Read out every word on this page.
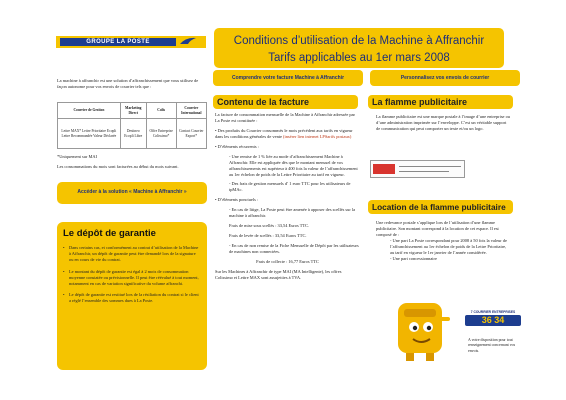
GROUPE LA POSTE	Conditions d’utilisation de la Machine à Affranchir
Tarifs applicables au 1er mars 2008
La machine à affranchir est une solution d’affranchissement que vous utilisez de façon autonome pour vos envois de courrier tels que :
Courrier de Gestion	Marketing Direct	Colis	Courrier International
Lettre MAX* Lettre Prioritaire Ecopli Lettre Recommandée Valeur Déclarée	Destineo Ecopli Libre	Offre Entreprise Colissimo*	Contact Courrier Export*
*Uniquement sur MAI
Les consommations du mois sont facturées au début du mois suivant.
Accéder à la solution « Machine à Affranchir »
Le dépôt de garantie
• Dans certains cas, et conformément au contrat d’utilisation de la Machine à Affranchir, un dépôt de garantie peut être demandé lors de la signature ou en cours de vie du contrat.
• Le montant du dépôt de garantie est égal à 2 mois de consommation moyenne constatée ou prévisionnelle. Il peut être réévalué à tout moment, notamment en cas de variation significative du volume affranchi.
• Le dépôt de garantie est restitué lors de la résiliation du contrat si le client a réglé l’ensemble des sommes dues à La Poste.
Comprendre votre facture Machine à Affranchir
Contenu de la facture

La facture de consommation mensuelle de la Machine à Affranchir adressée par La Poste est constituée :

• Des produits du Courrier consommés le mois précédent aux tarifs en vigueur dans les conditions générales de vente (insérer lien internet LPSarifs postaux)

• D’éléments récurrents :

- Une remise de 1 % liée au mode d’affranchissement Machine à Affranchir. Elle est appliquée dès que le montant mensuel de vos affranchissements est supérieur à 400 fois la valeur de l’affranchissement au 1er échelon de poids de la Lettre Prioritaire au tarif en vigueur.

- Des frais de gestion mensuels d’ 1 euro TTC pour les utilisateurs de tpMAc.

• D’éléments ponctuels :

- En cas de litige, La Poste peut être amenée à apposer des scellés sur la machine à affranchir.

Frais de mise sous scellés : 33,54 Euros TTC.

Frais de levée de scellés : 33,54 Euros TTC.

- En cas de non remise de la Fiche Mensuelle de Dépôt par les utilisateurs de machines non connectées.

Frais de collecte : 16,77 Euros TTC

Sur les Machines à Affranchir de type MAI (MA Intelligente), les offres Colissimo et Lettre MAX sont assujetties à TVA.

Personnalisez vos envois de courrier
La flamme publicitaire
La flamme publicitaire est une marque postale à l’image d’une entreprise ou d’une administration imprimée sur l’enveloppe. C’est un véritable support de communication qui peut comporter un texte et/ou un logo.
Location de la flamme publicitaire

Une redevance postale s’applique lors de l’utilisation d’une flamme publicitaire. Son montant correspond à la location de cet espace. Il est composé de :

- Une part La Poste correspondant pour 2008 à 50 fois la valeur de l’affranchissement au 1er échelon de poids de la Lettre Prioritaire, au tarif en vigueur le 1er janvier de l’année considérée.

- Une part concessionnaire

7 COURRIER ENTREPRISES
36 34
A votre disposition pour tout renseignement concernant vos envois.
